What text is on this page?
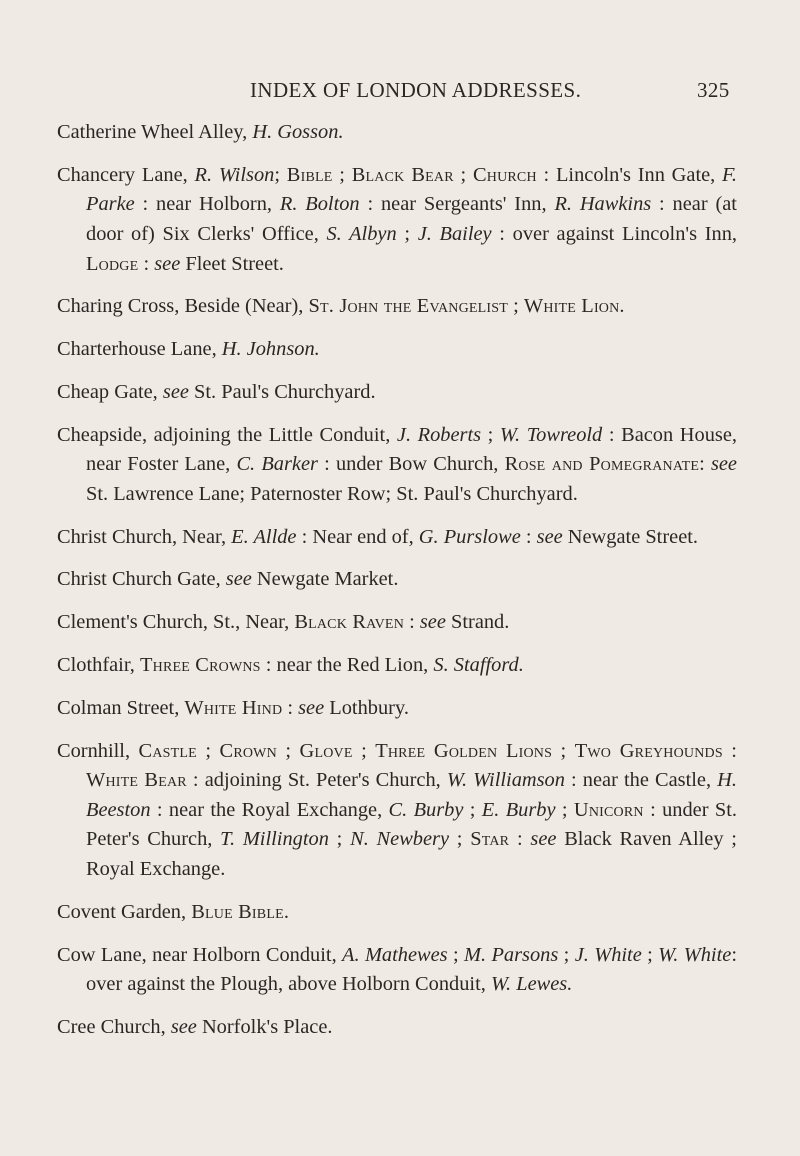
INDEX OF LONDON ADDRESSES.	325

Catherine Wheel Alley, H. Gosson.

Chancery Lane, R. Wilson; Bible ; Black Bear ; Church : Lincoln's Inn Gate, F. Parke : near Holborn, R. Bolton : near Sergeants' Inn, R. Hawkins : near (at door of) Six Clerks' Office, S. Albyn ; J. Bailey : over against Lincoln's Inn, Lodge : see Fleet Street.

Charing Cross, Beside (Near), St. John the Evangelist ; White Lion.

Charterhouse Lane, H. Johnson.

Cheap Gate, see St. Paul's Churchyard.

Cheapside, adjoining the Little Conduit, J. Roberts ; W. Towreold : Bacon House, near Foster Lane, C. Barker : under Bow Church, Rose and Pomegranate: see St. Lawrence Lane; Paternoster Row; St. Paul's Churchyard.

Christ Church, Near, E. Allde : Near end of, G. Purslowe : see Newgate Street.

Christ Church Gate, see Newgate Market.

Clement's Church, St., Near, Black Raven : see Strand.

Clothfair, Three Crowns : near the Red Lion, S. Stafford.

Colman Street, White Hind : see Lothbury.

Cornhill, Castle ; Crown ; Glove ; Three Golden Lions ; Two Greyhounds : White Bear : adjoining St. Peter's Church, W. Williamson : near the Castle, H. Beeston : near the Royal Exchange, C. Burby ; E. Burby ; Unicorn : under St. Peter's Church, T. Millington ; N. Newbery ; Star : see Black Raven Alley ; Royal Exchange.

Covent Garden, Blue Bible.

Cow Lane, near Holborn Conduit, A. Mathewes ; M. Parsons ; J. White ; W. White: over against the Plough, above Holborn Conduit, W. Lewes.

Cree Church, see Norfolk's Place.
